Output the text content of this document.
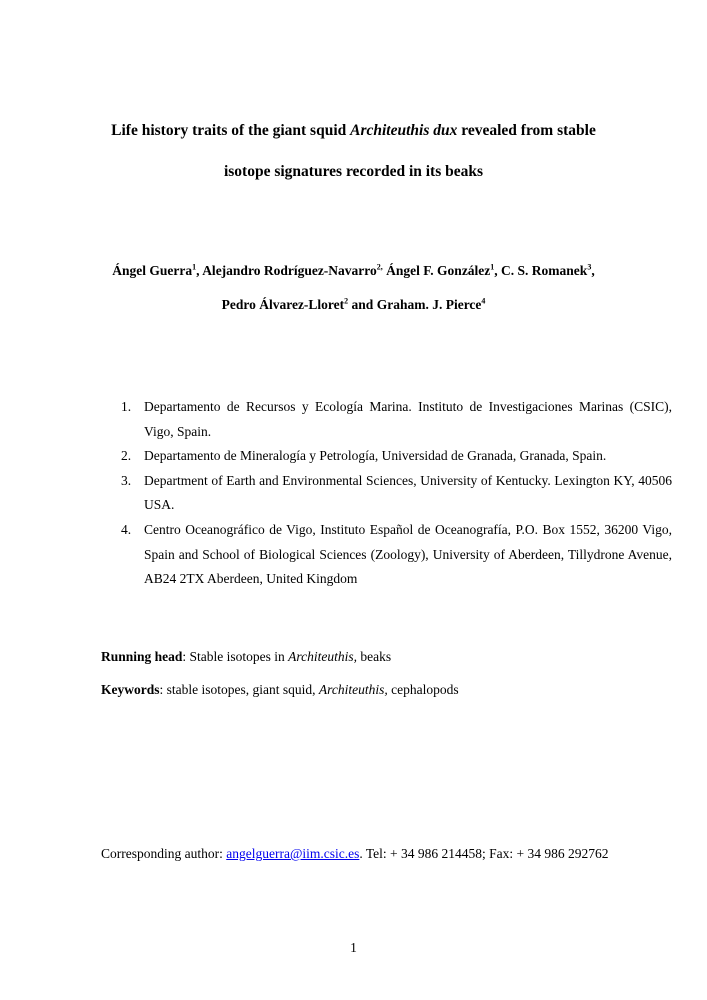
Life history traits of the giant squid Architeuthis dux revealed from stable
isotope signatures recorded in its beaks
Ángel Guerra$^1$, Alejandro Rodríguez-Navarro$^{2,}$ Ángel F. González$^1$, C. S. Romanek$^3$,
Pedro Álvarez-Lloret$^2$ and Graham. J. Pierce$^4$
1. Departamento de Recursos y Ecología Marina. Instituto de Investigaciones Marinas (CSIC), Vigo, Spain.
2. Departamento de Mineralogía y Petrología, Universidad de Granada, Granada, Spain.
3. Department of Earth and Environmental Sciences, University of Kentucky. Lexington KY, 40506 USA.
4. Centro Oceanográfico de Vigo, Instituto Español de Oceanografía, P.O. Box 1552, 36200 Vigo, Spain and School of Biological Sciences (Zoology), University of Aberdeen, Tillydrone Avenue, AB24 2TX Aberdeen, United Kingdom
Running head: Stable isotopes in Architeuthis, beaks
Keywords: stable isotopes, giant squid, Architeuthis, cephalopods
Corresponding author: angelguerra@iim.csic.es. Tel: + 34 986 214458; Fax: + 34 986 292762
1
